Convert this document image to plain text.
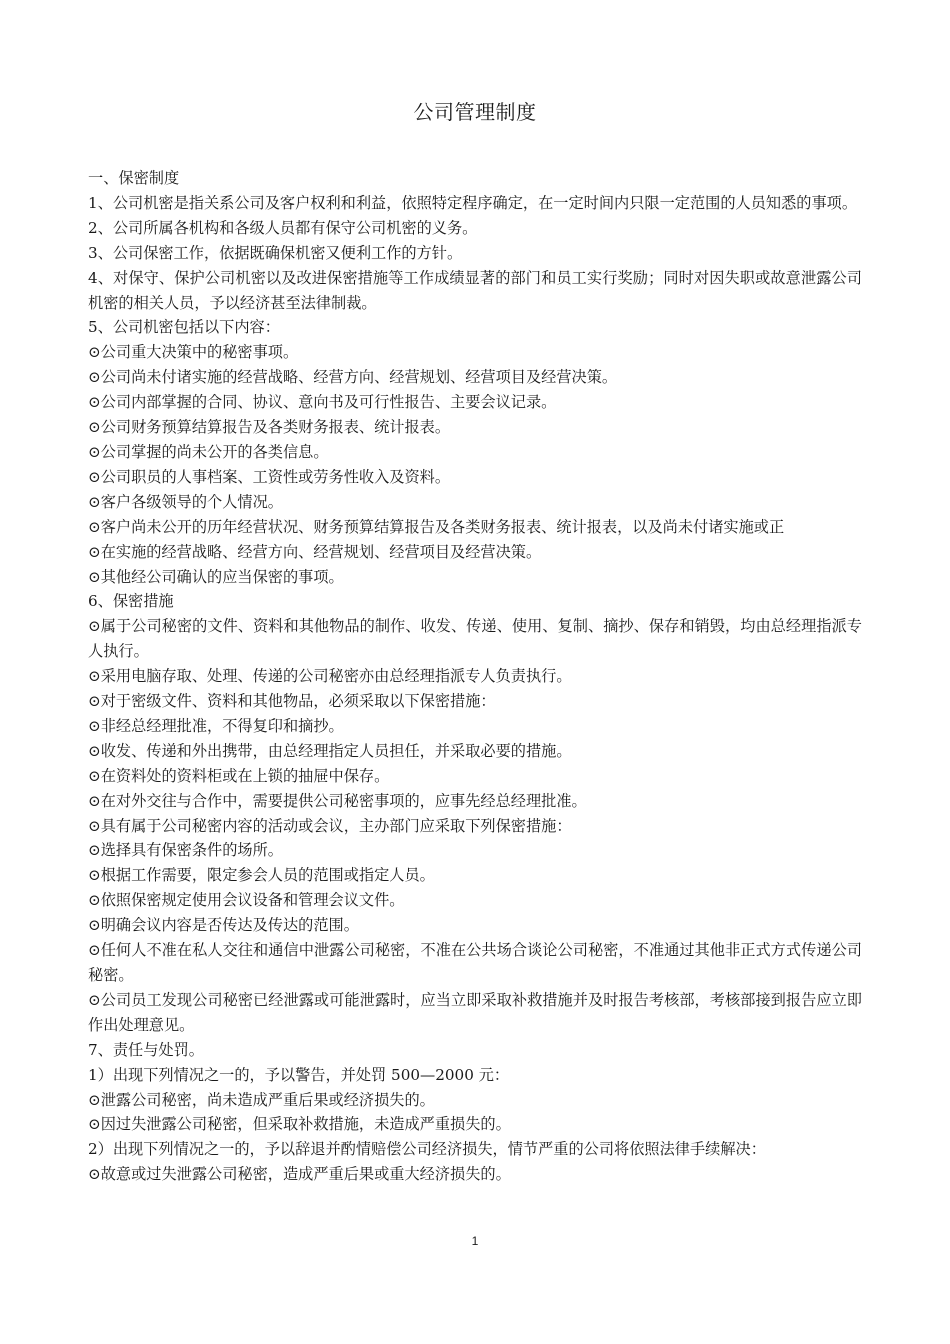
公司管理制度

一、保密制度

1、公司机密是指关系公司及客户权利和利益，依照特定程序确定，在一定时间内只限一定范围的人员知悉的事项。

2、公司所属各机构和各级人员都有保守公司机密的义务。

3、公司保密工作，依据既确保机密又便利工作的方针。

4、对保守、保护公司机密以及改进保密措施等工作成绩显著的部门和员工实行奖励；同时对因失职或故意泄露公司机密的相关人员，予以经济甚至法律制裁。

5、公司机密包括以下内容：

⊙公司重大决策中的秘密事项。

⊙公司尚未付诸实施的经营战略、经营方向、经营规划、经营项目及经营决策。

⊙公司内部掌握的合同、协议、意向书及可行性报告、主要会议记录。

⊙公司财务预算结算报告及各类财务报表、统计报表。

⊙公司掌握的尚未公开的各类信息。

⊙公司职员的人事档案、工资性或劳务性收入及资料。

⊙客户各级领导的个人情况。

⊙客户尚未公开的历年经营状况、财务预算结算报告及各类财务报表、统计报表，以及尚未付诸实施或正

⊙在实施的经营战略、经营方向、经营规划、经营项目及经营决策。

⊙其他经公司确认的应当保密的事项。

6、保密措施

⊙属于公司秘密的文件、资料和其他物品的制作、收发、传递、使用、复制、摘抄、保存和销毁，均由总经理指派专人执行。

⊙采用电脑存取、处理、传递的公司秘密亦由总经理指派专人负责执行。

⊙对于密级文件、资料和其他物品，必须采取以下保密措施：

⊙非经总经理批准，不得复印和摘抄。

⊙收发、传递和外出携带，由总经理指定人员担任，并采取必要的措施。

⊙在资料处的资料柜或在上锁的抽屉中保存。

⊙在对外交往与合作中，需要提供公司秘密事项的，应事先经总经理批准。

⊙具有属于公司秘密内容的活动或会议，主办部门应采取下列保密措施：

⊙选择具有保密条件的场所。

⊙根据工作需要，限定参会人员的范围或指定人员。

⊙依照保密规定使用会议设备和管理会议文件。

⊙明确会议内容是否传达及传达的范围。

⊙任何人不准在私人交往和通信中泄露公司秘密，不准在公共场合谈论公司秘密，不准通过其他非正式方式传递公司秘密。

⊙公司员工发现公司秘密已经泄露或可能泄露时，应当立即采取补救措施并及时报告考核部，考核部接到报告应立即作出处理意见。

7、责任与处罚。

1）出现下列情况之一的，予以警告，并处罚 500—2000 元：

⊙泄露公司秘密，尚未造成严重后果或经济损失的。

⊙因过失泄露公司秘密，但采取补救措施，未造成严重损失的。

2）出现下列情况之一的，予以辞退并酌情赔偿公司经济损失，情节严重的公司将依照法律手续解决：

⊙故意或过失泄露公司秘密，造成严重后果或重大经济损失的。

1
